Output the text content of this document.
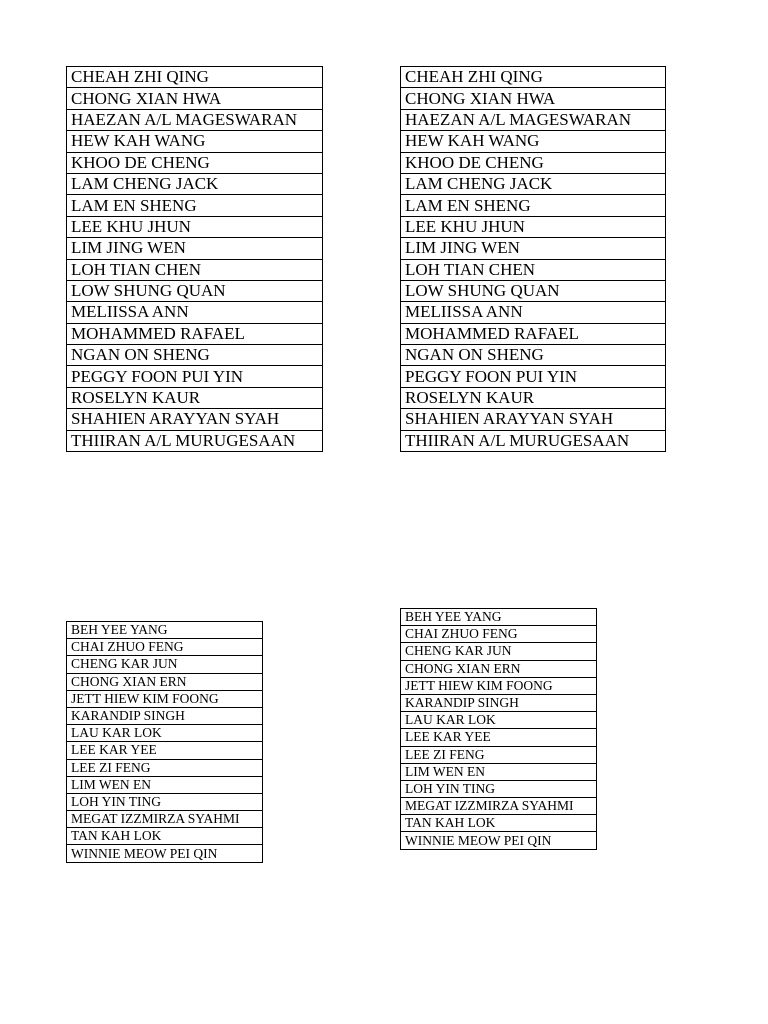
CHEAH ZHI QING
CHONG XIAN HWA
HAEZAN A/L MAGESWARAN
HEW KAH WANG
KHOO DE CHENG
LAM CHENG JACK
LAM EN SHENG
LEE KHU JHUN
LIM JING WEN
LOH TIAN CHEN
LOW SHUNG QUAN
MELIISSA ANN
MOHAMMED RAFAEL
NGAN ON SHENG
PEGGY FOON PUI YIN
ROSELYN KAUR
SHAHIEN ARAYYAN SYAH
THIIRAN A/L MURUGESAAN
CHEAH ZHI QING
CHONG XIAN HWA
HAEZAN A/L MAGESWARAN
HEW KAH WANG
KHOO DE CHENG
LAM CHENG JACK
LAM EN SHENG
LEE KHU JHUN
LIM JING WEN
LOH TIAN CHEN
LOW SHUNG QUAN
MELIISSA ANN
MOHAMMED RAFAEL
NGAN ON SHENG
PEGGY FOON PUI YIN
ROSELYN KAUR
SHAHIEN ARAYYAN SYAH
THIIRAN A/L MURUGESAAN
BEH YEE YANG
CHAI ZHUO FENG
CHENG KAR JUN
CHONG XIAN ERN
JETT HIEW KIM FOONG
KARANDIP SINGH
LAU KAR LOK
LEE KAR YEE
LEE ZI FENG
LIM WEN EN
LOH YIN TING
MEGAT IZZMIRZA SYAHMI
TAN KAH LOK
WINNIE MEOW PEI QIN
BEH YEE YANG
CHAI ZHUO FENG
CHENG KAR JUN
CHONG XIAN ERN
JETT HIEW KIM FOONG
KARANDIP SINGH
LAU KAR LOK
LEE KAR YEE
LEE ZI FENG
LIM WEN EN
LOH YIN TING
MEGAT IZZMIRZA SYAHMI
TAN KAH LOK
WINNIE MEOW PEI QIN
